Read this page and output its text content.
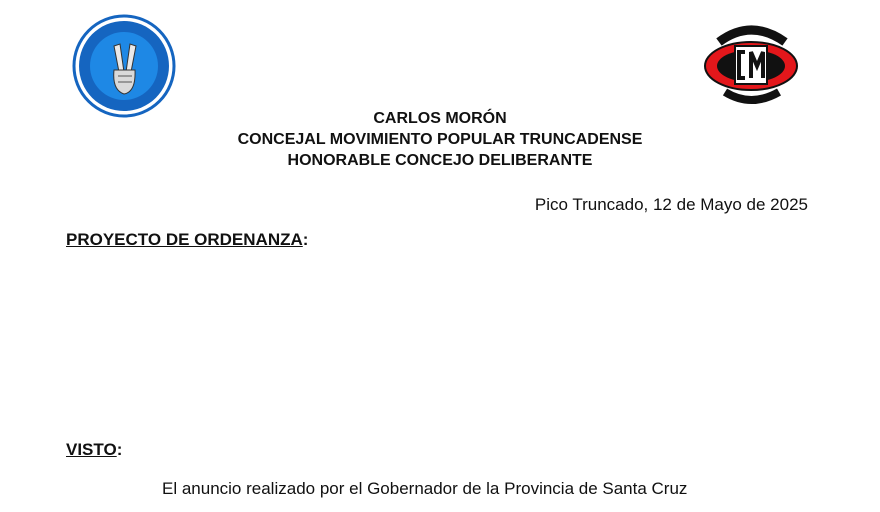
CARLOS MORÓN
CONCEJAL MOVIMIENTO POPULAR TRUNCADENSE
HONORABLE CONCEJO DELIBERANTE
Pico Truncado, 12 de Mayo de 2025
PROYECTO DE ORDENANZA:
VISTO:
El anuncio realizado por el Gobernador de la Provincia de Santa Cruz
